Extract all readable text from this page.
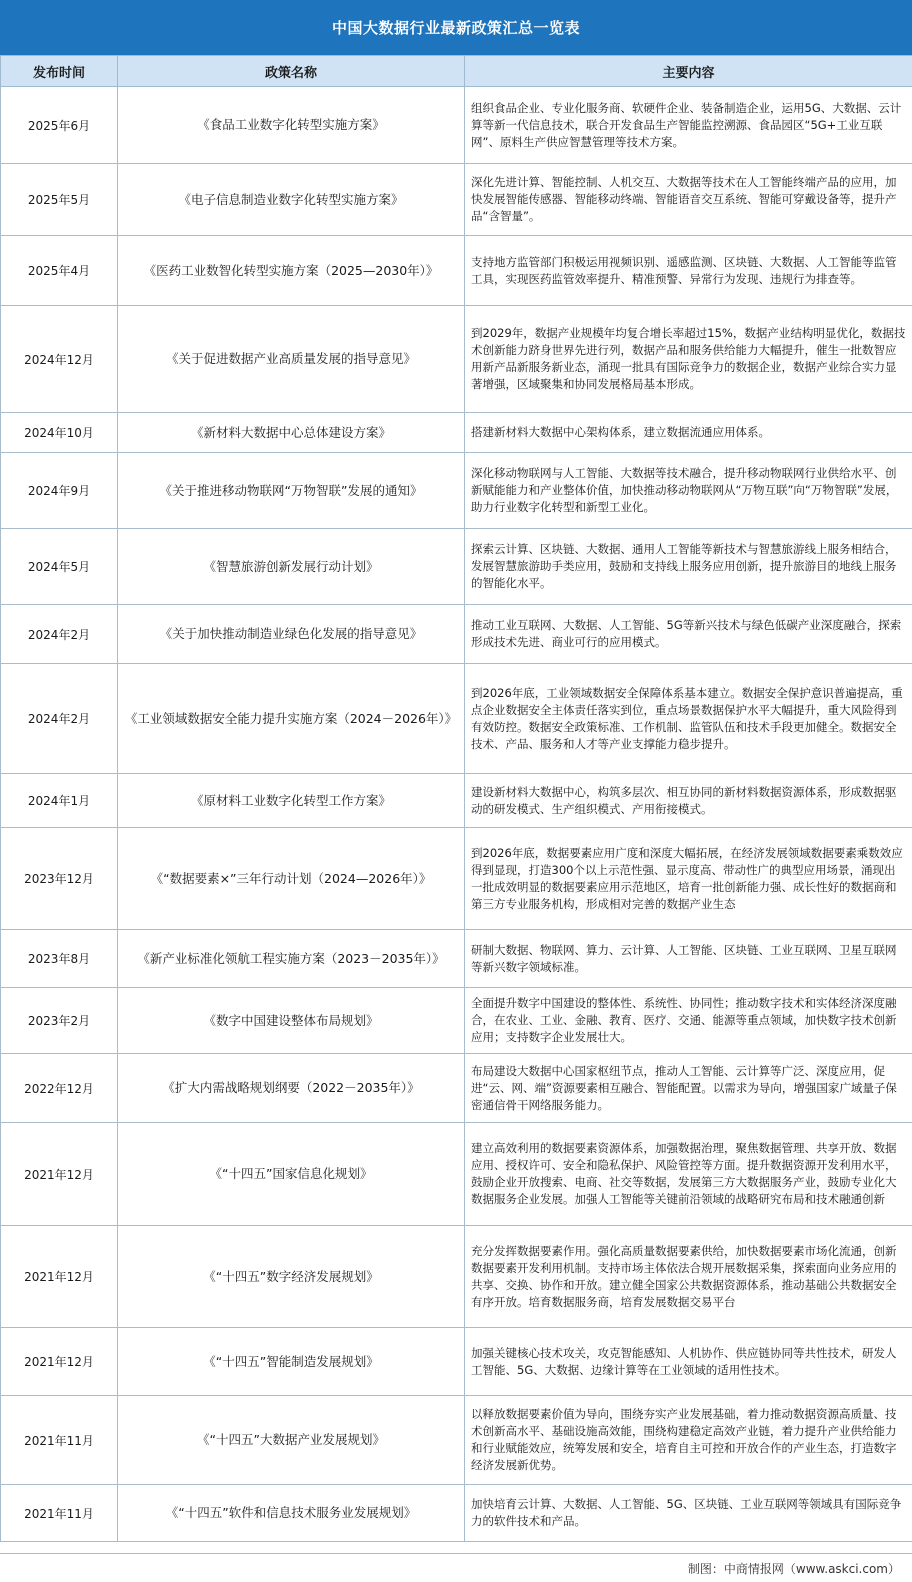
中国大数据行业最新政策汇总一览表
发布时间	政策名称	主要内容
2025年6月	《食品工业数字化转型实施方案》	组织食品企业、专业化服务商、软硬件企业、装备制造企业，运用5G、大数据、云计算等新一代信息技术，联合开发食品生产智能监控溯源、食品园区“5G+工业互联网”、原料生产供应智慧管理等技术方案。
2025年5月	《电子信息制造业数字化转型实施方案》	深化先进计算、智能控制、人机交互、大数据等技术在人工智能终端产品的应用，加快发展智能传感器、智能移动终端、智能语音交互系统、智能可穿戴设备等，提升产品“含智量”。
2025年4月	《医药工业数智化转型实施方案（2025—2030年）》	支持地方监管部门积极运用视频识别、遥感监测、区块链、大数据、人工智能等监管工具，实现医药监管效率提升、精准预警、异常行为发现、违规行为排查等。
2024年12月	《关于促进数据产业高质量发展的指导意见》	到2029年，数据产业规模年均复合增长率超过15%，数据产业结构明显优化，数据技术创新能力跻身世界先进行列，数据产品和服务供给能力大幅提升，催生一批数智应用新产品新服务新业态，涌现一批具有国际竞争力的数据企业，数据产业综合实力显著增强，区域聚集和协同发展格局基本形成。
2024年10月	《新材料大数据中心总体建设方案》	搭建新材料大数据中心架构体系，建立数据流通应用体系。
2024年9月	《关于推进移动物联网“万物智联”发展的通知》	深化移动物联网与人工智能、大数据等技术融合，提升移动物联网行业供给水平、创新赋能能力和产业整体价值，加快推动移动物联网从“万物互联”向“万物智联”发展，助力行业数字化转型和新型工业化。
2024年5月	《智慧旅游创新发展行动计划》	探索云计算、区块链、大数据、通用人工智能等新技术与智慧旅游线上服务相结合，发展智慧旅游助手类应用，鼓励和支持线上服务应用创新，提升旅游目的地线上服务的智能化水平。
2024年2月	《关于加快推动制造业绿色化发展的指导意见》	推动工业互联网、大数据、人工智能、5G等新兴技术与绿色低碳产业深度融合，探索形成技术先进、商业可行的应用模式。
2024年2月	《工业领域数据安全能力提升实施方案（2024－2026年）》	到2026年底，工业领域数据安全保障体系基本建立。数据安全保护意识普遍提高，重点企业数据安全主体责任落实到位，重点场景数据保护水平大幅提升，重大风险得到有效防控。数据安全政策标准、工作机制、监管队伍和技术手段更加健全。数据安全技术、产品、服务和人才等产业支撑能力稳步提升。
2024年1月	《原材料工业数字化转型工作方案》	建设新材料大数据中心，构筑多层次、相互协同的新材料数据资源体系，形成数据驱动的研发模式、生产组织模式、产用衔接模式。
2023年12月	《“数据要素×”三年行动计划（2024—2026年）》	到2026年底，数据要素应用广度和深度大幅拓展，在经济发展领域数据要素乘数效应得到显现，打造300个以上示范性强、显示度高、带动性广的典型应用场景，涌现出一批成效明显的数据要素应用示范地区，培育一批创新能力强、成长性好的数据商和第三方专业服务机构，形成相对完善的数据产业生态
2023年8月	《新产业标准化领航工程实施方案（2023－2035年）》	研制大数据、物联网、算力、云计算、人工智能、区块链、工业互联网、卫星互联网等新兴数字领域标准。
2023年2月	《数字中国建设整体布局规划》	全面提升数字中国建设的整体性、系统性、协同性；推动数字技术和实体经济深度融合，在农业、工业、金融、教育、医疗、交通、能源等重点领域，加快数字技术创新应用；支持数字企业发展壮大。
2022年12月	《扩大内需战略规划纲要（2022－2035年）》	布局建设大数据中心国家枢纽节点，推动人工智能、云计算等广泛、深度应用，促进“云、网、端”资源要素相互融合、智能配置。以需求为导向，增强国家广域量子保密通信骨干网络服务能力。
2021年12月	《“十四五”国家信息化规划》	建立高效利用的数据要素资源体系，加强数据治理，聚焦数据管理、共享开放、数据应用、授权许可、安全和隐私保护、风险管控等方面。提升数据资源开发利用水平，鼓励企业开放搜索、电商、社交等数据，发展第三方大数据服务产业，鼓励专业化大数据服务企业发展。加强人工智能等关键前沿领域的战略研究布局和技术融通创新
2021年12月	《“十四五”数字经济发展规划》	充分发挥数据要素作用。强化高质量数据要素供给，加快数据要素市场化流通，创新数据要素开发利用机制。支持市场主体依法合规开展数据采集，探索面向业务应用的共享、交换、协作和开放。建立健全国家公共数据资源体系，推动基础公共数据安全有序开放。培育数据服务商，培育发展数据交易平台
2021年12月	《“十四五”智能制造发展规划》	加强关键核心技术攻关，攻克智能感知、人机协作、供应链协同等共性技术，研发人工智能、5G、大数据、边缘计算等在工业领域的适用性技术。
2021年11月	《“十四五”大数据产业发展规划》	以释放数据要素价值为导向，围绕夯实产业发展基础，着力推动数据资源高质量、技术创新高水平、基础设施高效能，围绕构建稳定高效产业链，着力提升产业供给能力和行业赋能效应，统筹发展和安全，培育自主可控和开放合作的产业生态，打造数字经济发展新优势。
2021年11月	《“十四五”软件和信息技术服务业发展规划》	加快培育云计算、大数据、人工智能、5G、区块链、工业互联网等领域具有国际竞争力的软件技术和产品。
制图：中商情报网（www.askci.com）
